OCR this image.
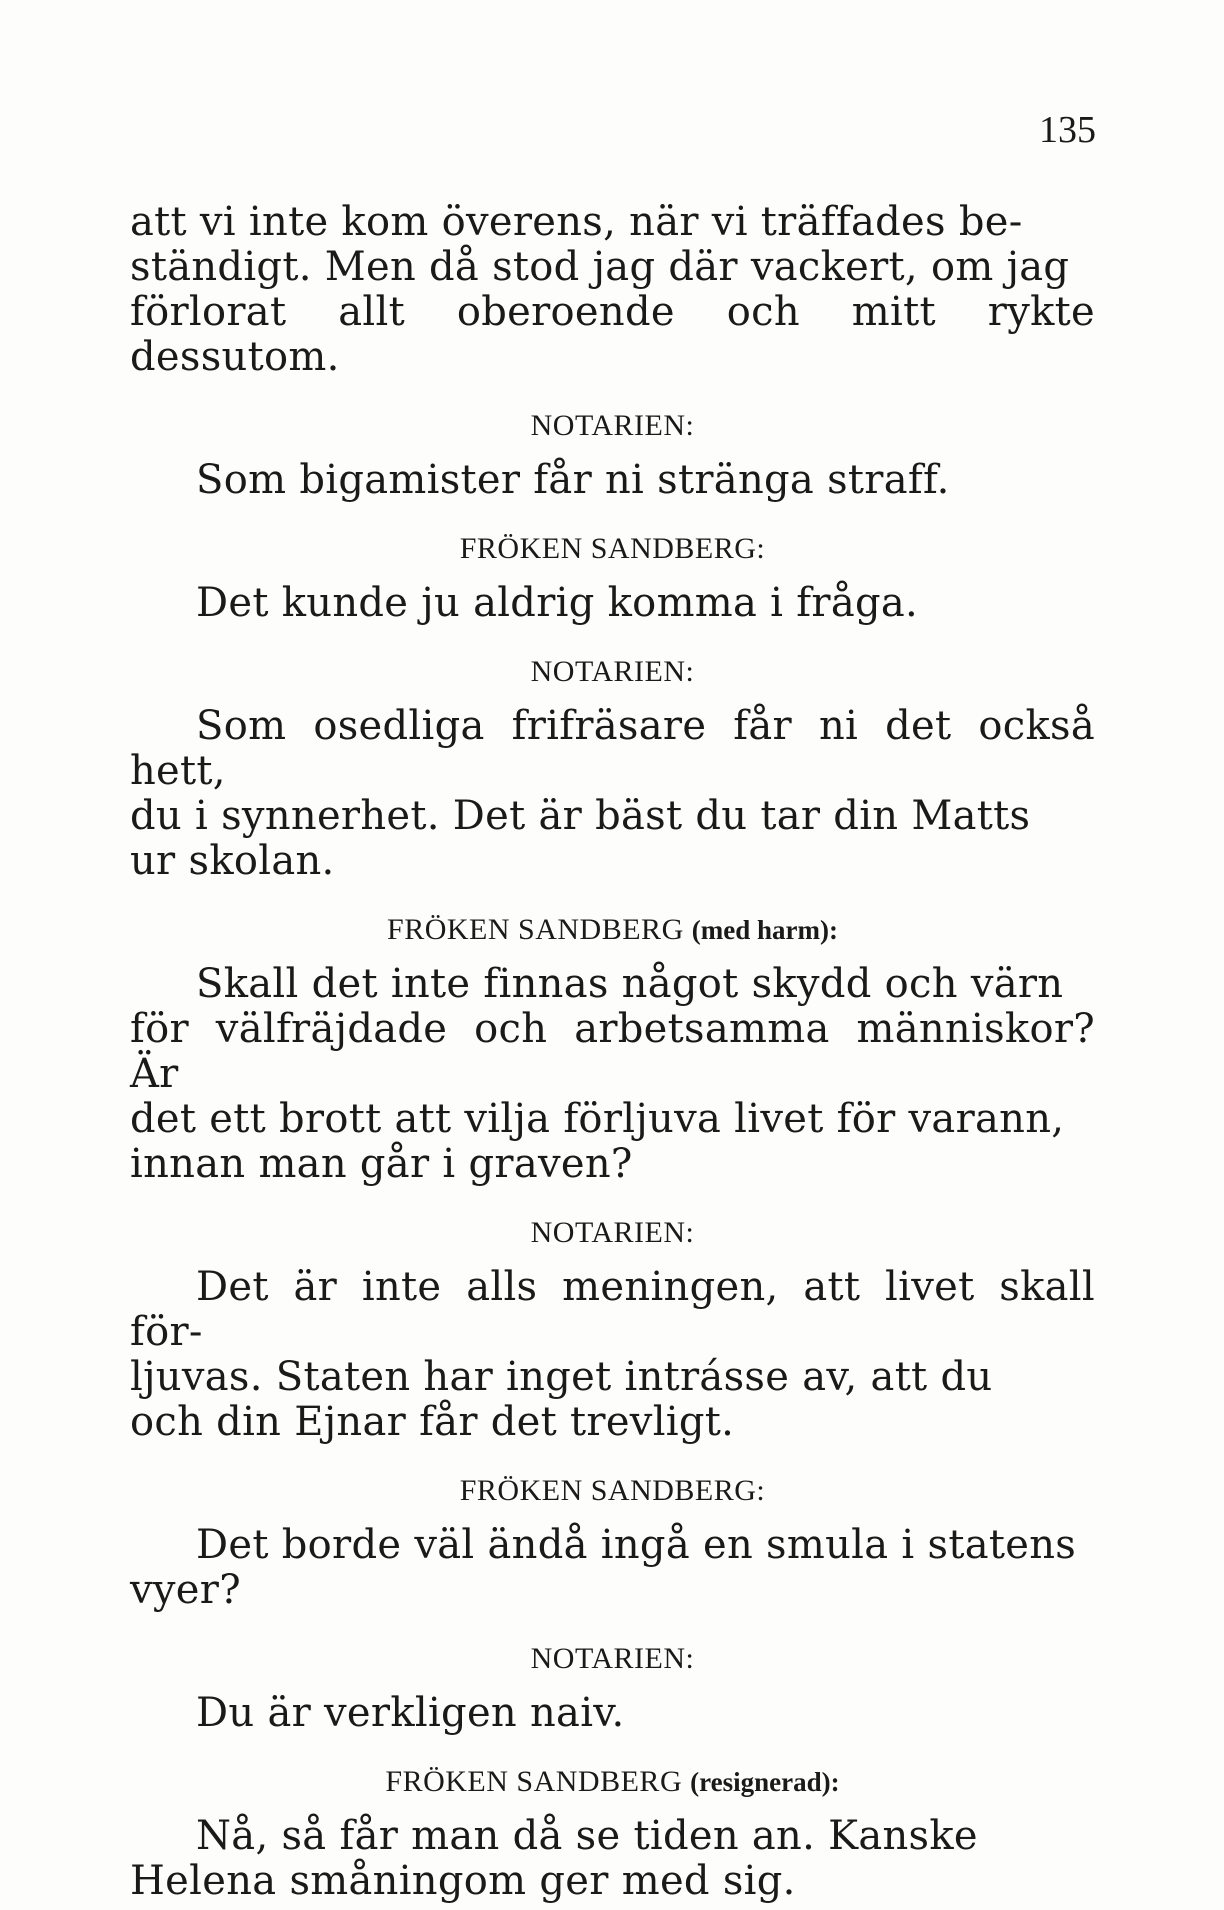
135

att vi inte kom överens, när vi träffades be-
ständigt. Men då stod jag där vackert, om jag
förlorat allt oberoende och mitt rykte dessutom.

NOTARIEN:

Som bigamister får ni stränga straff.

FRÖKEN SANDBERG:

Det kunde ju aldrig komma i fråga.

NOTARIEN:

Som osedliga frifräsare får ni det också hett,
du i synnerhet. Det är bäst du tar din Matts
ur skolan.

FRÖKEN SANDBERG (med harm):

Skall det inte finnas något skydd och värn
för välfräjdade och arbetsamma människor? Är
det ett brott att vilja förljuva livet för varann,
innan man går i graven?

NOTARIEN:

Det är inte alls meningen, att livet skall för-
ljuvas. Staten har inget intrásse av, att du
och din Ejnar får det trevligt.

FRÖKEN SANDBERG:

Det borde väl ändå ingå en smula i statens
vyer?

NOTARIEN:

Du är verkligen naiv.

FRÖKEN SANDBERG (resignerad):

Nå, så får man då se tiden an. Kanske
Helena småningom ger med sig.
